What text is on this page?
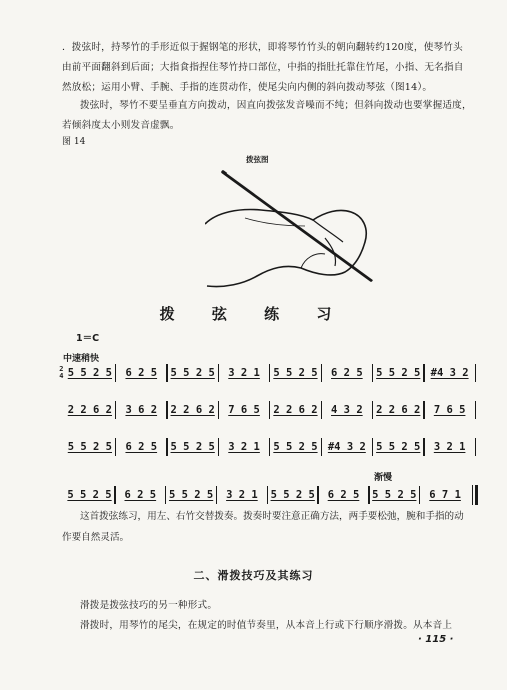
．拨弦时，持琴竹的手形近似于握钢笔的形状，即将琴竹竹头的朝向翻转约120度，使琴竹头由前平面翻斜到后面；大指食指捏住琴竹持口部位，中指的指肚托靠住竹尾，小指、无名指自然放松；运用小臂、手腕、手指的连贯动作，使尾尖向内侧的斜向拨动琴弦（图14）。

拨弦时，琴竹不要呈垂直方向拨动，因直向拨弦发音噪而不纯；但斜向拨动也要掌握适度，若倾斜度太小则发音虚飘。

图 14
拨弦图
拨 弦 练 习
1＝C
中速稍快
2
4 5 5 2 5	6 2 5	5 5 2 5	3 2 1	5 5 2 5	6 2 5	5 5 2 5 #4 3 2
2 2 6 2	3 6 2	2 2 6 2	7 6 5	2 2 6 2	4 3 2	2 2 6 2	7 6 5
5 5 2 5	6 2 5	5 5 2 5	3 2 1	5 5 2 5 #4 3 2 5 5 2 5	3 2 1
渐慢
5 5 2 5	6 2 5	5 5 2 5	3 2 1	5 5 2 5	6 2 5	5 5 2 5	6 7 1

这首拨弦练习，用左、右竹交替拨奏。拨奏时要注意正确方法，两手要松弛，腕和手指的动作要自然灵活。

二、滑拨技巧及其练习

滑拨是拨弦技巧的另一种形式。

滑拨时，用琴竹的尾尖，在规定的时值节奏里，从本音上行或下行顺序滑拨。从本音上

· 115 ·
